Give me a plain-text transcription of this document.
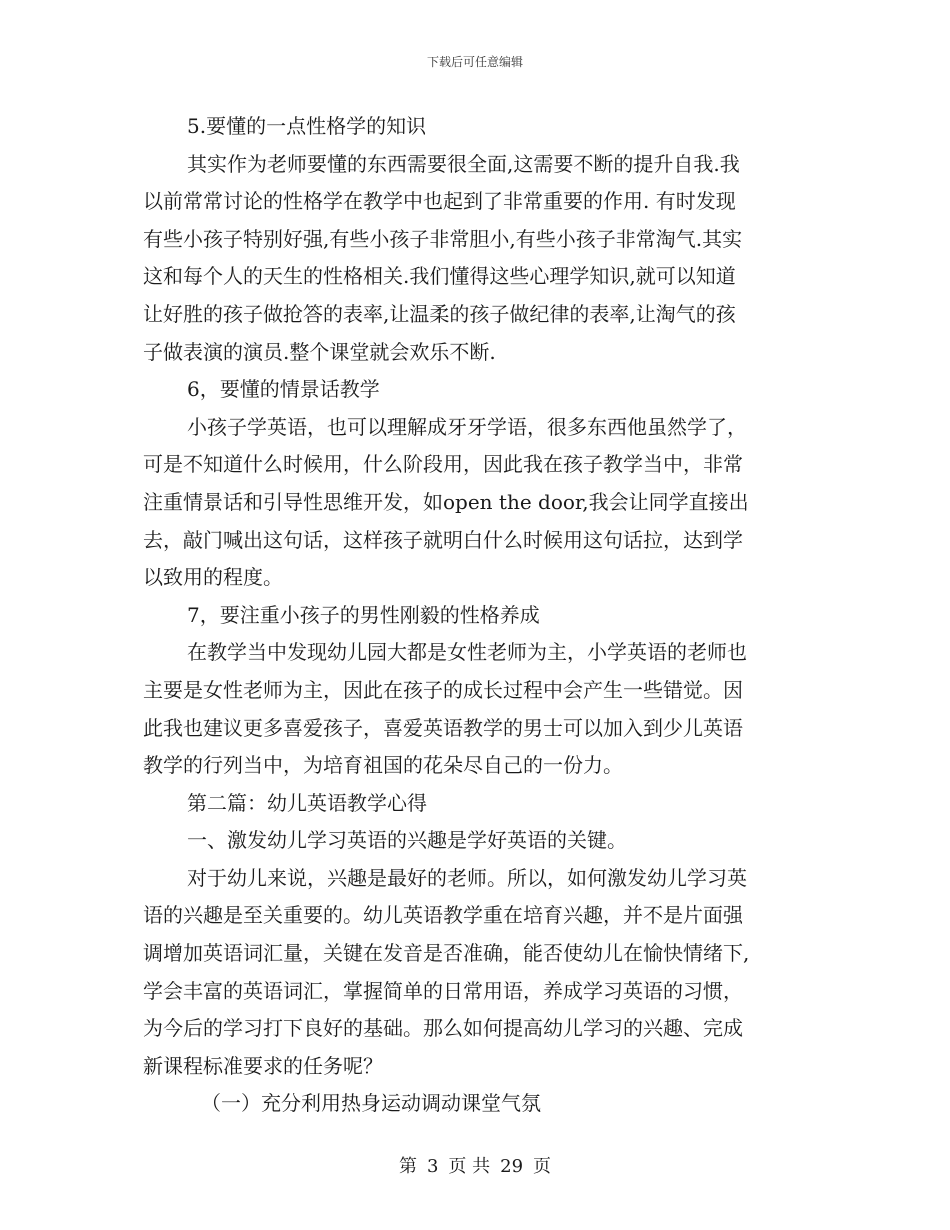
下载后可任意编辑
5.要懂的一点性格学的知识
其实作为老师要懂的东西需要很全面,这需要不断的提升自我.我
以前常常讨论的性格学在教学中也起到了非常重要的作用. 有时发现
有些小孩子特别好强,有些小孩子非常胆小,有些小孩子非常淘气.其实
这和每个人的天生的性格相关.我们懂得这些心理学知识,就可以知道
让好胜的孩子做抢答的表率,让温柔的孩子做纪律的表率,让淘气的孩
子做表演的演员.整个课堂就会欢乐不断.
6，要懂的情景话教学
小孩子学英语，也可以理解成牙牙学语，很多东西他虽然学了，
可是不知道什么时候用，什么阶段用，因此我在孩子教学当中，非常
注重情景话和引导性思维开发，如open the door,我会让同学直接出
去，敲门喊出这句话，这样孩子就明白什么时候用这句话拉，达到学
以致用的程度。
7，要注重小孩子的男性刚毅的性格养成
在教学当中发现幼儿园大都是女性老师为主，小学英语的老师也
主要是女性老师为主，因此在孩子的成长过程中会产生一些错觉。因
此我也建议更多喜爱孩子，喜爱英语教学的男士可以加入到少儿英语
教学的行列当中，为培育祖国的花朵尽自己的一份力。
第二篇：幼儿英语教学心得
一、激发幼儿学习英语的兴趣是学好英语的关键。
对于幼儿来说，兴趣是最好的老师。所以，如何激发幼儿学习英
语的兴趣是至关重要的。幼儿英语教学重在培育兴趣，并不是片面强
调增加英语词汇量，关键在发音是否准确，能否使幼儿在愉快情绪下,
学会丰富的英语词汇，掌握简单的日常用语，养成学习英语的习惯，
为今后的学习打下良好的基础。那么如何提高幼儿学习的兴趣、完成
新课程标准要求的任务呢？
（一）充分利用热身运动调动课堂气氛
第 3 页 共 29 页
